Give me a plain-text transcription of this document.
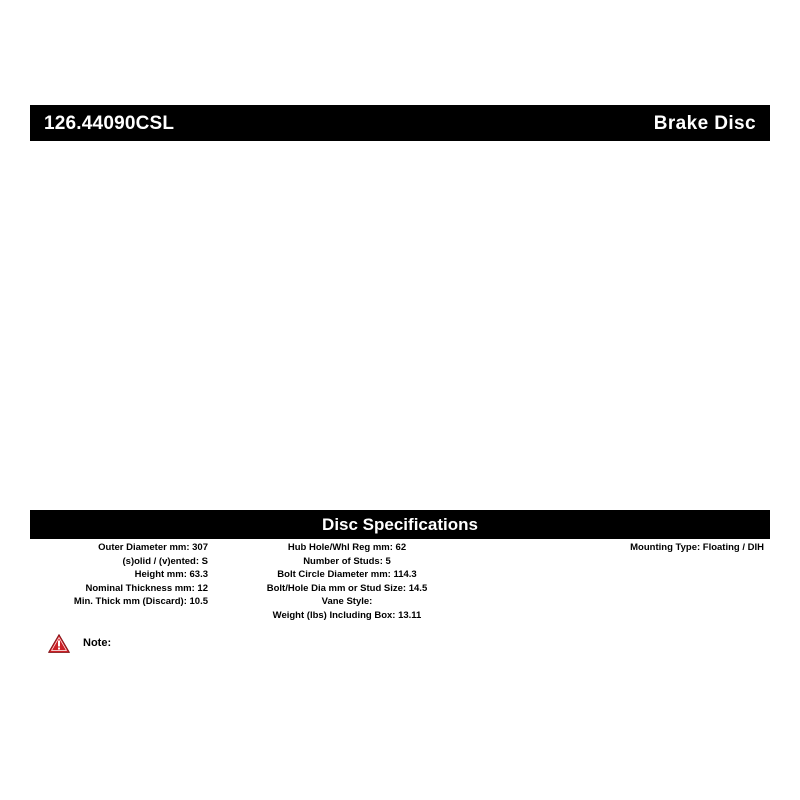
126.44090CSL	Brake Disc
Disc Specifications
Outer Diameter mm: 307
(s)olid / (v)ented: S
Height mm: 63.3
Nominal Thickness mm: 12
Min. Thick mm (Discard): 10.5
Hub Hole/Whl Reg mm: 62
Number of Studs: 5
Bolt Circle Diameter mm: 114.3
Bolt/Hole Dia mm or Stud Size: 14.5
Vane Style:
Weight (lbs) Including Box: 13.11
Mounting Type: Floating / DIH
Note:
